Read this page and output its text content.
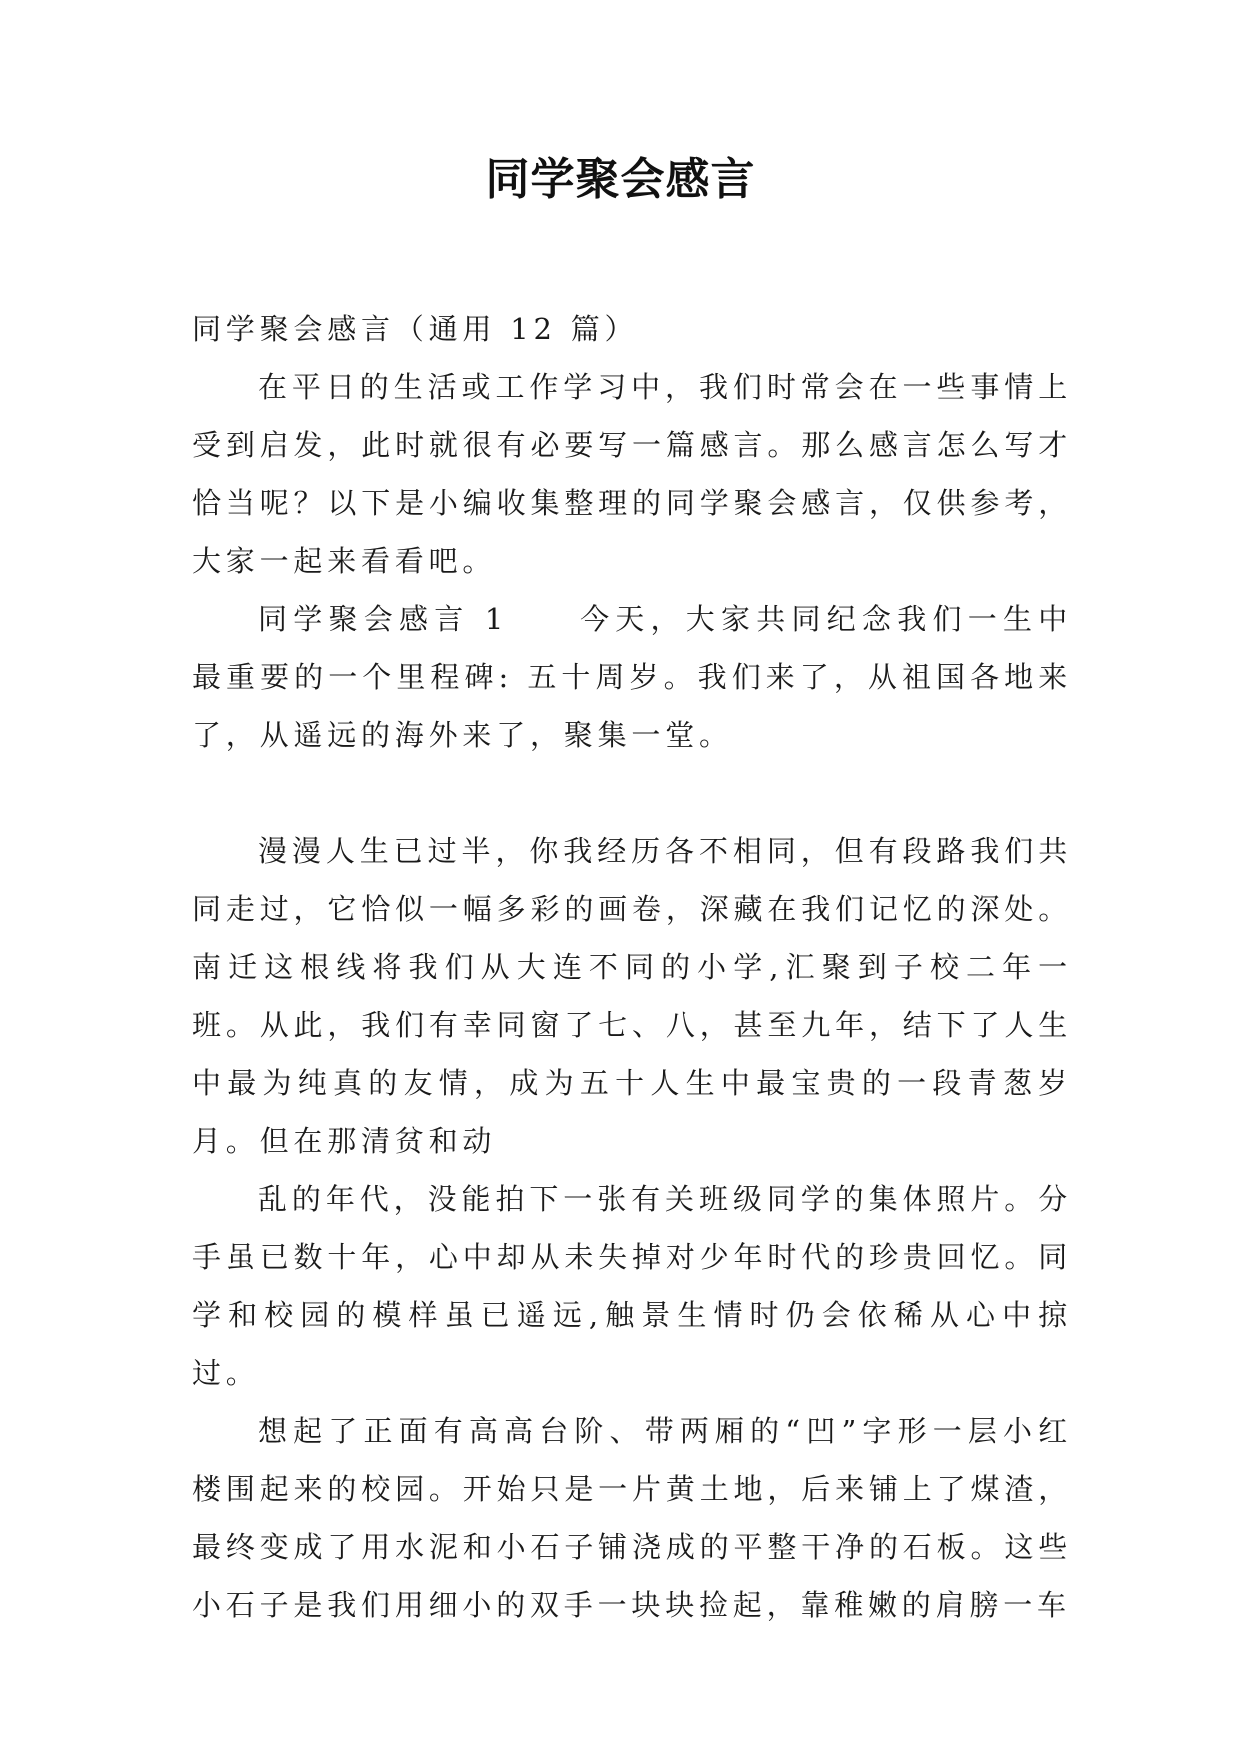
同学聚会感言

同学聚会感言（通用 12 篇）

在平日的生活或工作学习中，我们时常会在一些事情上受到启发，此时就很有必要写一篇感言。那么感言怎么写才恰当呢？以下是小编收集整理的同学聚会感言，仅供参考，大家一起来看看吧。

同学聚会感言 1　　今天，大家共同纪念我们一生中最重要的一个里程碑: 五十周岁。我们来了，从祖国各地来了，从遥远的海外来了，聚集一堂。

漫漫人生已过半，你我经历各不相同，但有段路我们共同走过，它恰似一幅多彩的画卷，深藏在我们记忆的深处。南迁这根线将我们从大连不同的小学,汇聚到子校二年一班。从此，我们有幸同窗了七、八，甚至九年，结下了人生中最为纯真的友情，成为五十人生中最宝贵的一段青葱岁月。但在那清贫和动

乱的年代，没能拍下一张有关班级同学的集体照片。分手虽已数十年，心中却从未失掉对少年时代的珍贵回忆。同学和校园的模样虽已遥远,触景生情时仍会依稀从心中掠过。

想起了正面有高高台阶、带两厢的“凹”字形一层小红楼围起来的校园。开始只是一片黄土地，后来铺上了煤渣，最终变成了用水泥和小石子铺浇成的平整干净的石板。这些小石子是我们用细小的双手一块块捡起，靠稚嫩的肩膀一车
